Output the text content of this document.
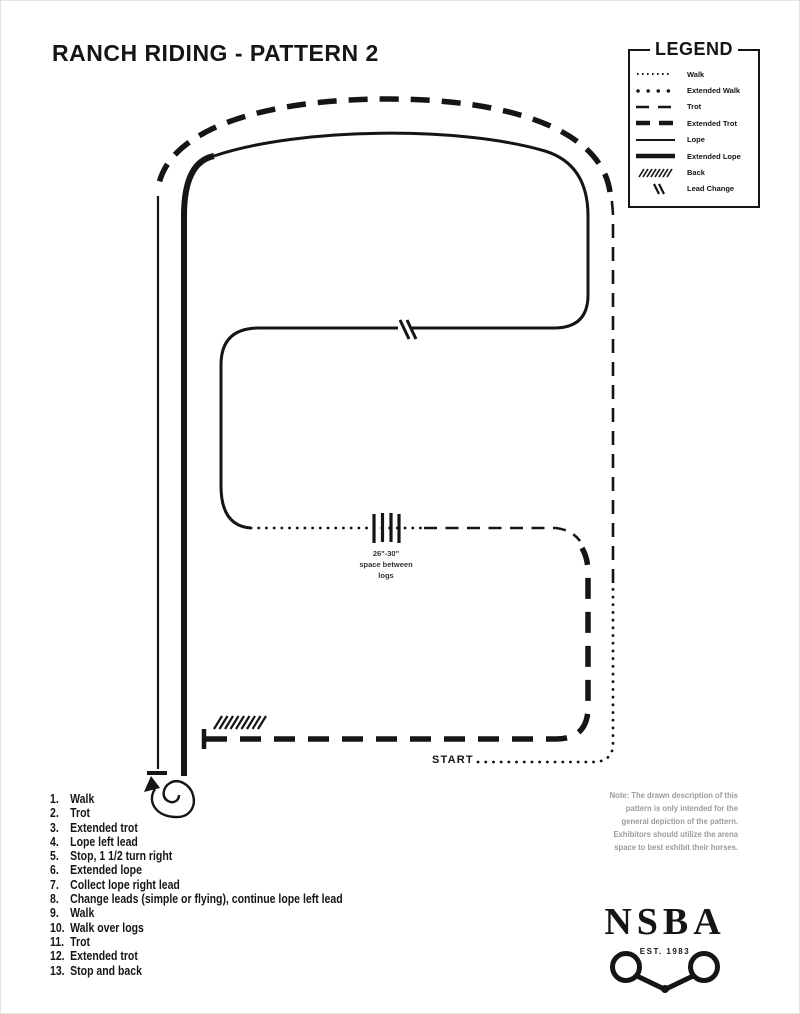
RANCH RIDING - PATTERN 2	LEGEND
Walk
Extended Walk
Trot
Extended Trot
Lope
Extended Lope
Back
Lead Change
START
26"-30"
space between
logs
1. Walk
2. Trot
3. Extended trot
4. Lope left lead
5. Stop, 1 1/2 turn right
6. Extended lope
7. Collect lope right lead
8. Change leads (simple or flying), continue lope left lead
9. Walk
10. Walk over logs
11. Trot
12. Extended trot
13. Stop and back
Note: The drawn description of this
pattern is only intended for the
general depiction of the pattern.
Exhibitors should utilize the arena
space to best exhibit their horses.
NSBA
EST. 1983
